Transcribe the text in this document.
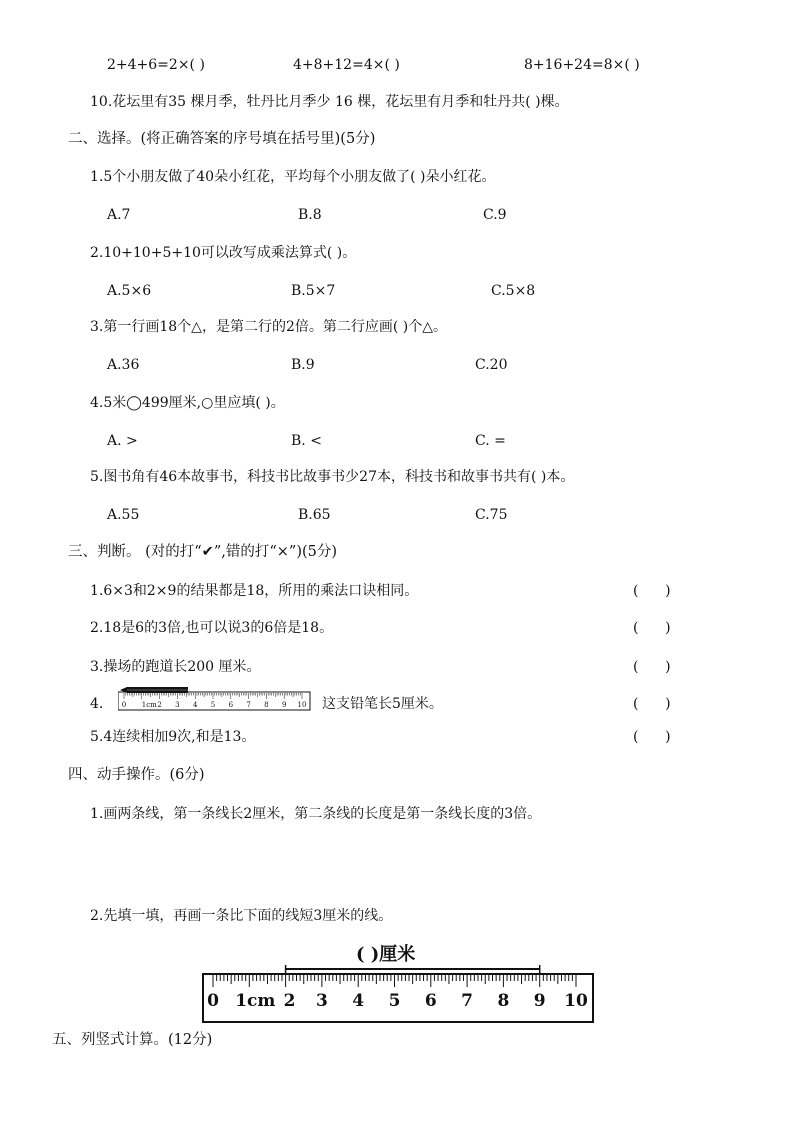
2+4+6=2×( )	4+8+12=4×( )	8+16+24=8×( )
10.花坛里有35 棵月季，牡丹比月季少 16 棵，花坛里有月季和牡丹共( )棵。
二、选择。(将正确答案的序号填在括号里)(5分)
1.5个小朋友做了40朵小红花，平均每个小朋友做了( )朵小红花。
A.7	B.8	C.9
2.10+10+5+10可以改写成乘法算式( )。
A.5×6	B.5×7	C.5×8
3.第一行画18个△，是第二行的2倍。第二行应画( )个△。
A.36	B.9	C.20
4.5米◯499厘米,○里应填( )。
A. >	B. <	C. =
5.图书角有46本故事书，科技书比故事书少27本，科技书和故事书共有( )本。
A.55	B.65	C.75
三、判断。 (对的打“✔”,错的打“×”)(5分)
1.6×3和2×9的结果都是18，所用的乘法口诀相同。	(      )
2.18是6的3倍,也可以说3的6倍是18。	(      )
3.操场的跑道长200 厘米。	(      )
4.	0 1cm 2 3 4 5 6 7 8 9 10 这支铅笔长5厘米。	(      )
5.4连续相加9次,和是13。	(      )
四、动手操作。(6分)
1.画两条线，第一条线长2厘米，第二条线的长度是第一条线长度的3倍。
2.先填一填，再画一条比下面的线短3厘米的线。
( )厘米
0 1cm 2 3 4 5 6 7 8 9 10
五、列竖式计算。(12分)
